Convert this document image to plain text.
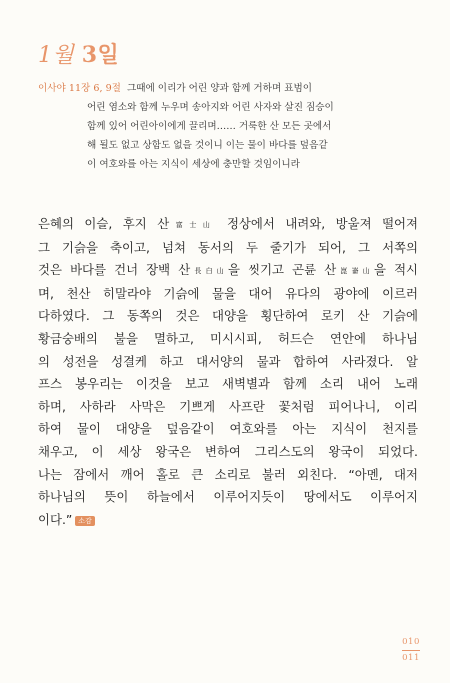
1월 3일
이사야 11장 6, 9절 그때에 이리가 어린 양과 함께 거하며 표범이
어린 염소와 함께 누우며 송아지와 어린 사자와 살진 짐승이
함께 있어 어린아이에게 끌리며…… 거룩한 산 모든 곳에서
해 될도 없고 상함도 없을 것이니 이는 물이 바다를 덮음같
이 여호와를 아는 지식이 세상에 충만할 것임이니라
은혜의 이슬, 후지 산富士山 정상에서 내려와, 방울져 떨어져
그 기슭을 축이고, 넘쳐 동서의 두 줄기가 되어, 그 서쪽의
것은 바다를 건너 장백 산長白山을 씻기고 곤륜 산崑崙山을 적시
며, 천산 히말라야 기슭에 물을 대어 유다의 광야에 이르러
다하였다. 그 동쪽의 것은 대양을 횡단하여 로키 산 기슭에
황금숭배의 불을 멸하고, 미시시피, 허드슨 연안에 하나님
의 성전을 성결케 하고 대서양의 물과 합하여 사라졌다. 알
프스 봉우리는 이것을 보고 새벽별과 함께 소리 내어 노래
하며, 사하라 사막은 기쁘게 사프란 꽃처럼 피어나니, 이리
하여 물이 대양을 덮음같이 여호와를 아는 지식이 천지를
채우고, 이 세상 왕국은 변하여 그리스도의 왕국이 되었다.
나는 잠에서 깨어 홀로 큰 소리로 불러 외친다. “아멘, 대저
하나님의 뜻이 하늘에서 이루어지듯이 땅에서도 이루어지
이다.” 소감
010
011
